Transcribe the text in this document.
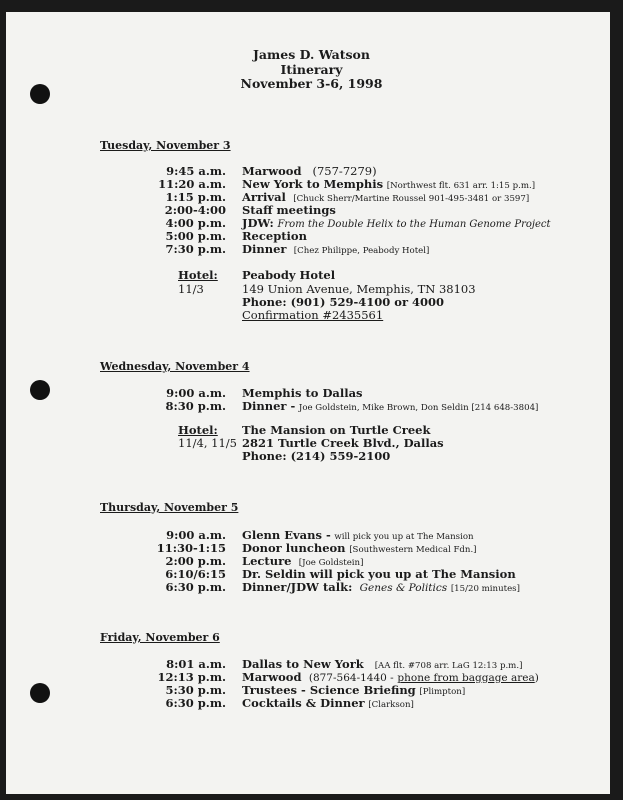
James D. Watson
Itinerary
November 3-6, 1998
Tuesday, November 3
9:45 a.m. Marwood (757-7279)
11:20 a.m. New York to Memphis [Northwest flt. 631 arr. 1:15 p.m.]
1:15 p.m. Arrival [Chuck Sherr/Martine Roussel 901-495-3481 or 3597]
2:00-4:00 Staff meetings
4:00 p.m. JDW: From the Double Helix to the Human Genome Project
5:00 p.m. Reception
7:30 p.m. Dinner [Chez Philippe, Peabody Hotel]
Hotel:
11/3
Peabody Hotel
149 Union Avenue, Memphis, TN 38103
Phone: (901) 529-4100 or 4000
Confirmation #2435561
Wednesday, November 4
9:00 a.m. Memphis to Dallas
8:30 p.m. Dinner - Joe Goldstein, Mike Brown, Don Seldin [214 648-3804]
Hotel:
11/4, 11/5
The Mansion on Turtle Creek
2821 Turtle Creek Blvd., Dallas
Phone: (214) 559-2100
Thursday, November 5
9:00 a.m. Glenn Evans - will pick you up at The Mansion
11:30-1:15 Donor luncheon [Southwestern Medical Fdn.]
2:00 p.m. Lecture [Joe Goldstein]
6:10/6:15 Dr. Seldin will pick you up at The Mansion
6:30 p.m. Dinner/JDW talk: Genes & Politics [15/20 minutes]
Friday, November 6
8:01 a.m. Dallas to New York [AA flt. #708 arr. LaG 12:13 p.m.]
12:13 p.m. Marwood (877-564-1440 - phone from baggage area)
5:30 p.m. Trustees - Science Briefing [Plimpton]
6:30 p.m. Cocktails & Dinner [Clarkson]
